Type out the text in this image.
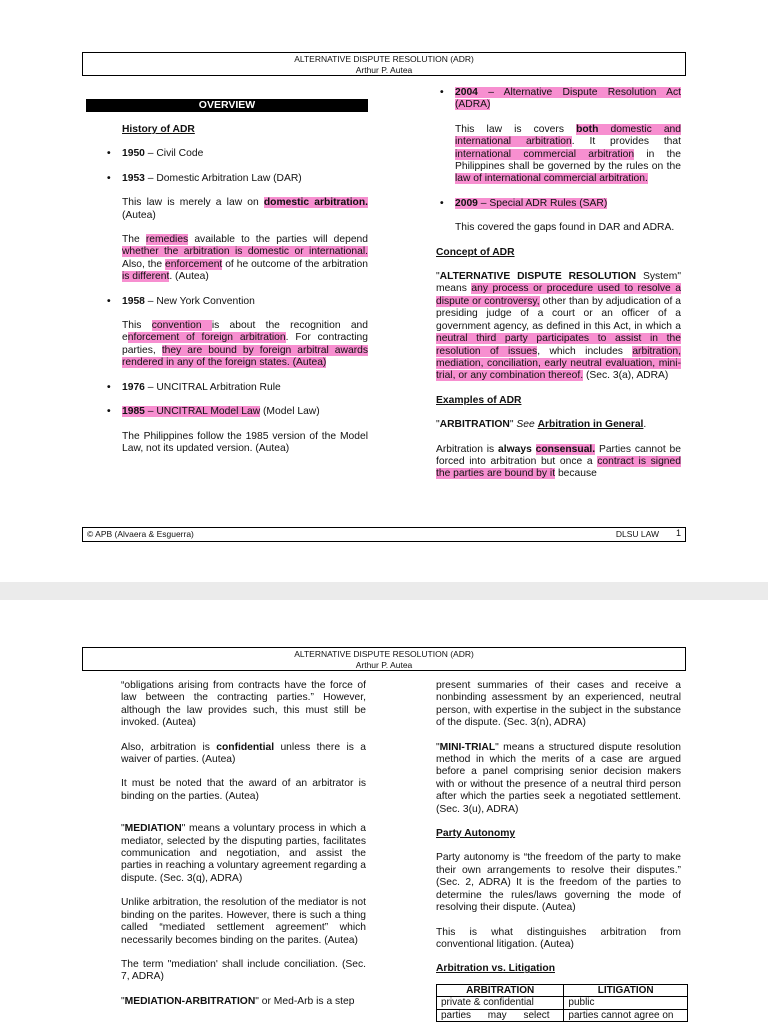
ALTERNATIVE DISPUTE RESOLUTION (ADR)
Arthur P. Autea
OVERVIEW

History of ADR

• 1950 – Civil Code
• 1953 – Domestic Arbitration Law (DAR)

This law is merely a law on domestic arbitration. (Autea)

The remedies available to the parties will depend whether the arbitration is domestic or international. Also, the enforcement of he outcome of the arbitration is different. (Autea)

• 1958 – New York Convention

This convention is about the recognition and enforcement of foreign arbitration. For contracting parties, they are bound by foreign arbitral awards rendered in any of the foreign states. (Autea)

• 1976 – UNCITRAL Arbitration Rule
• 1985 – UNCITRAL Model Law (Model Law)

The Philippines follow the 1985 version of the Model Law, not its updated version. (Autea)

• 2004 – Alternative Dispute Resolution Act (ADRA)

This law is covers both domestic and international arbitration. It provides that international commercial arbitration in the Philippines shall be governed by the rules on the law of international commercial arbitration.

• 2009 – Special ADR Rules (SAR)

This covered the gaps found in DAR and ADRA.

Concept of ADR

"ALTERNATIVE DISPUTE RESOLUTION System" means any process or procedure used to resolve a dispute or controversy, other than by adjudication of a presiding judge of a court or an officer of a government agency, as defined in this Act, in which a neutral third party participates to assist in the resolution of issues, which includes arbitration, mediation, conciliation, early neutral evaluation, mini-trial, or any combination thereof. (Sec. 3(a), ADRA)

Examples of ADR

"ARBITRATION" See Arbitration in General.

Arbitration is always consensual. Parties cannot be forced into arbitration but once a contract is signed the parties are bound by it because

© APB (Alvaera & Esguerra)	DLSU LAW 1
ALTERNATIVE DISPUTE RESOLUTION (ADR)
Arthur P. Autea

“obligations arising from contracts have the force of law between the contracting parties.” However, although the law provides such, this must still be invoked. (Autea)

Also, arbitration is confidential unless there is a waiver of parties. (Autea)

It must be noted that the award of an arbitrator is binding on the parties. (Autea)

"MEDIATION" means a voluntary process in which a mediator, selected by the disputing parties, facilitates communication and negotiation, and assist the parties in reaching a voluntary agreement regarding a dispute. (Sec. 3(q), ADRA)

Unlike arbitration, the resolution of the mediator is not binding on the parites. However, there is such a thing called “mediated settlement agreement” which necessarily becomes binding on the parites. (Autea)

The term "mediation' shall include conciliation. (Sec. 7, ADRA)

"MEDIATION-ARBITRATION" or Med-Arb is a step

present summaries of their cases and receive a nonbinding assessment by an experienced, neutral person, with expertise in the subject in the substance of the dispute. (Sec. 3(n), ADRA)

"MINI-TRIAL" means a structured dispute resolution method in which the merits of a case are argued before a panel comprising senior decision makers with or without the presence of a neutral third person after which the parties seek a negotiated settlement. (Sec. 3(u), ADRA)

Party Autonomy

Party autonomy is “the freedom of the party to make their own arrangements to resolve their disputes.” (Sec. 2, ADRA) It is the freedom of the parties to determine the rules/laws governing the mode of resolving their dispute. (Autea)

This is what distinguishes arbitration from conventional litigation. (Autea)

Arbitration vs. Litigation

ARBITRATION	LITIGATION
private & confidential	public
parties may select	parties cannot agree on
